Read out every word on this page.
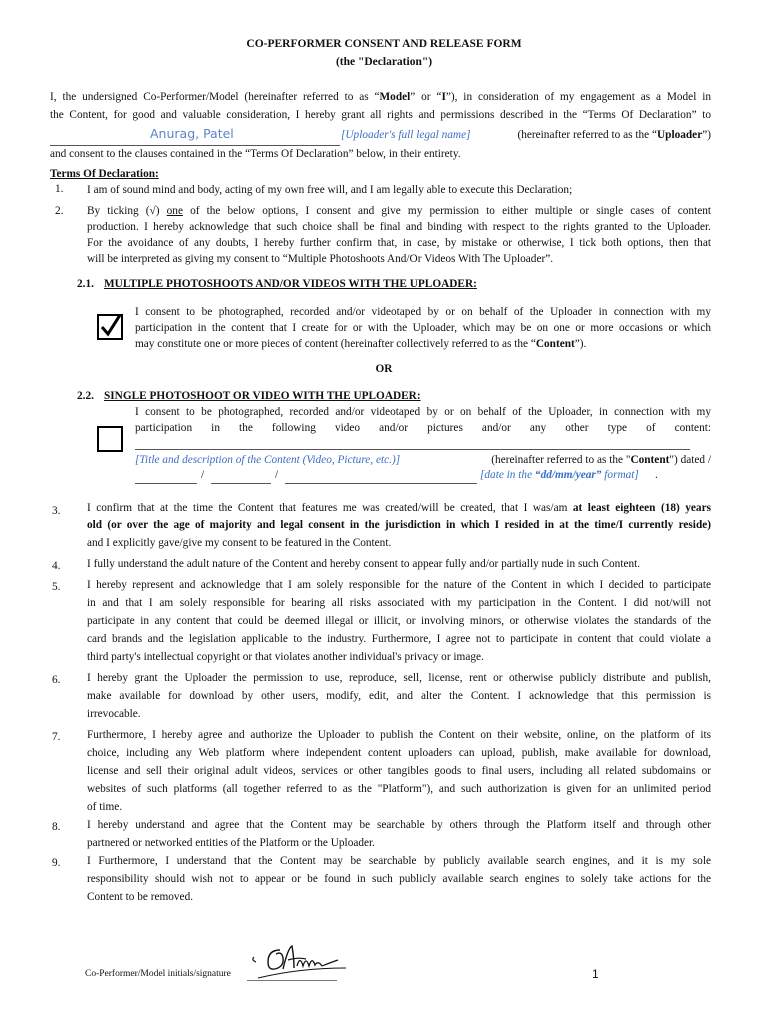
CO-PERFORMER CONSENT AND RELEASE FORM
(the "Declaration")
I, the undersigned Co-Performer/Model (hereinafter referred to as “Model” or “I”), in consideration of my engagement as a Model in
the Content, for good and valuable consideration, I hereby grant all rights and permissions described in the “Terms Of Declaration” to
Anurag, Patel	[Uploader's full legal name]	(hereinafter referred to as the “Uploader”)
and consent to the clauses contained in the “Terms Of Declaration” below, in their entirety.
Terms Of Declaration:
1. I am of sound mind and body, acting of my own free will, and I am legally able to execute this Declaration;
2. By ticking (√) one of the below options, I consent and give my permission to either multiple or single cases of content
production. I hereby acknowledge that such choice shall be final and binding with respect to the rights granted to the Uploader.
For the avoidance of any doubts, I hereby further confirm that, in case, by mistake or otherwise, I tick both options, then that
will be interpreted as giving my consent to “Multiple Photoshoots And/Or Videos With The Uploader”.
2.1. MULTIPLE PHOTOSHOOTS AND/OR VIDEOS WITH THE UPLOADER:
I consent to be photographed, recorded and/or videotaped by or on behalf of the Uploader in connection with my
participation in the content that I create for or with the Uploader, which may be on one or more occasions or which
may constitute one or more pieces of content (hereinafter collectively referred to as the “Content”).
OR
2.2. SINGLE PHOTOSHOOT OR VIDEO WITH THE UPLOADER:
I consent to be photographed, recorded and/or videotaped by or on behalf of the Uploader, in connection with my
participation in the following video and/or pictures and/or any other type of content:
[Title and description of the Content (Video, Picture, etc.)]	(hereinafter referred to as the "Content") dated /
/	/	[date in the “dd/mm/year” format] .
3. I confirm that at the time the Content that features me was created/will be created, that I was/am at least eighteen (18) years
old (or over the age of majority and legal consent in the jurisdiction in which I resided in at the time/I currently reside)
and I explicitly gave/give my consent to be featured in the Content.
4. I fully understand the adult nature of the Content and hereby consent to appear fully and/or partially nude in such Content.
5. I hereby represent and acknowledge that I am solely responsible for the nature of the Content in which I decided to participate
in and that I am solely responsible for bearing all risks associated with my participation in the Content. I did not/will not
participate in any content that could be deemed illegal or illicit, or involving minors, or otherwise violates the standards of the
card brands and the legislation applicable to the industry. Furthermore, I agree not to participate in content that could violate a
third party's intellectual copyright or that violates another individual's privacy or image.
6. I hereby grant the Uploader the permission to use, reproduce, sell, license, rent or otherwise publicly distribute and publish,
make available for download by other users, modify, edit, and alter the Content. I acknowledge that this permission is
irrevocable.
7. Furthermore, I hereby agree and authorize the Uploader to publish the Content on their website, online, on the platform of its
choice, including any Web platform where independent content uploaders can upload, publish, make available for download,
license and sell their original adult videos, services or other tangibles goods to final users, including all related subdomains or
websites of such platforms (all together referred to as the "Platform"), and such authorization is given for an unlimited period
of time.
8. I hereby understand and agree that the Content may be searchable by others through the Platform itself and through other
partnered or networked entities of the Platform or the Uploader.
9. I Furthermore, I understand that the Content may be searchable by publicly available search engines, and it is my sole
responsibility should wish not to appear or be found in such publicly available search engines to solely take actions for the
Content to be removed.
Co-Performer/Model initials/signature	1
